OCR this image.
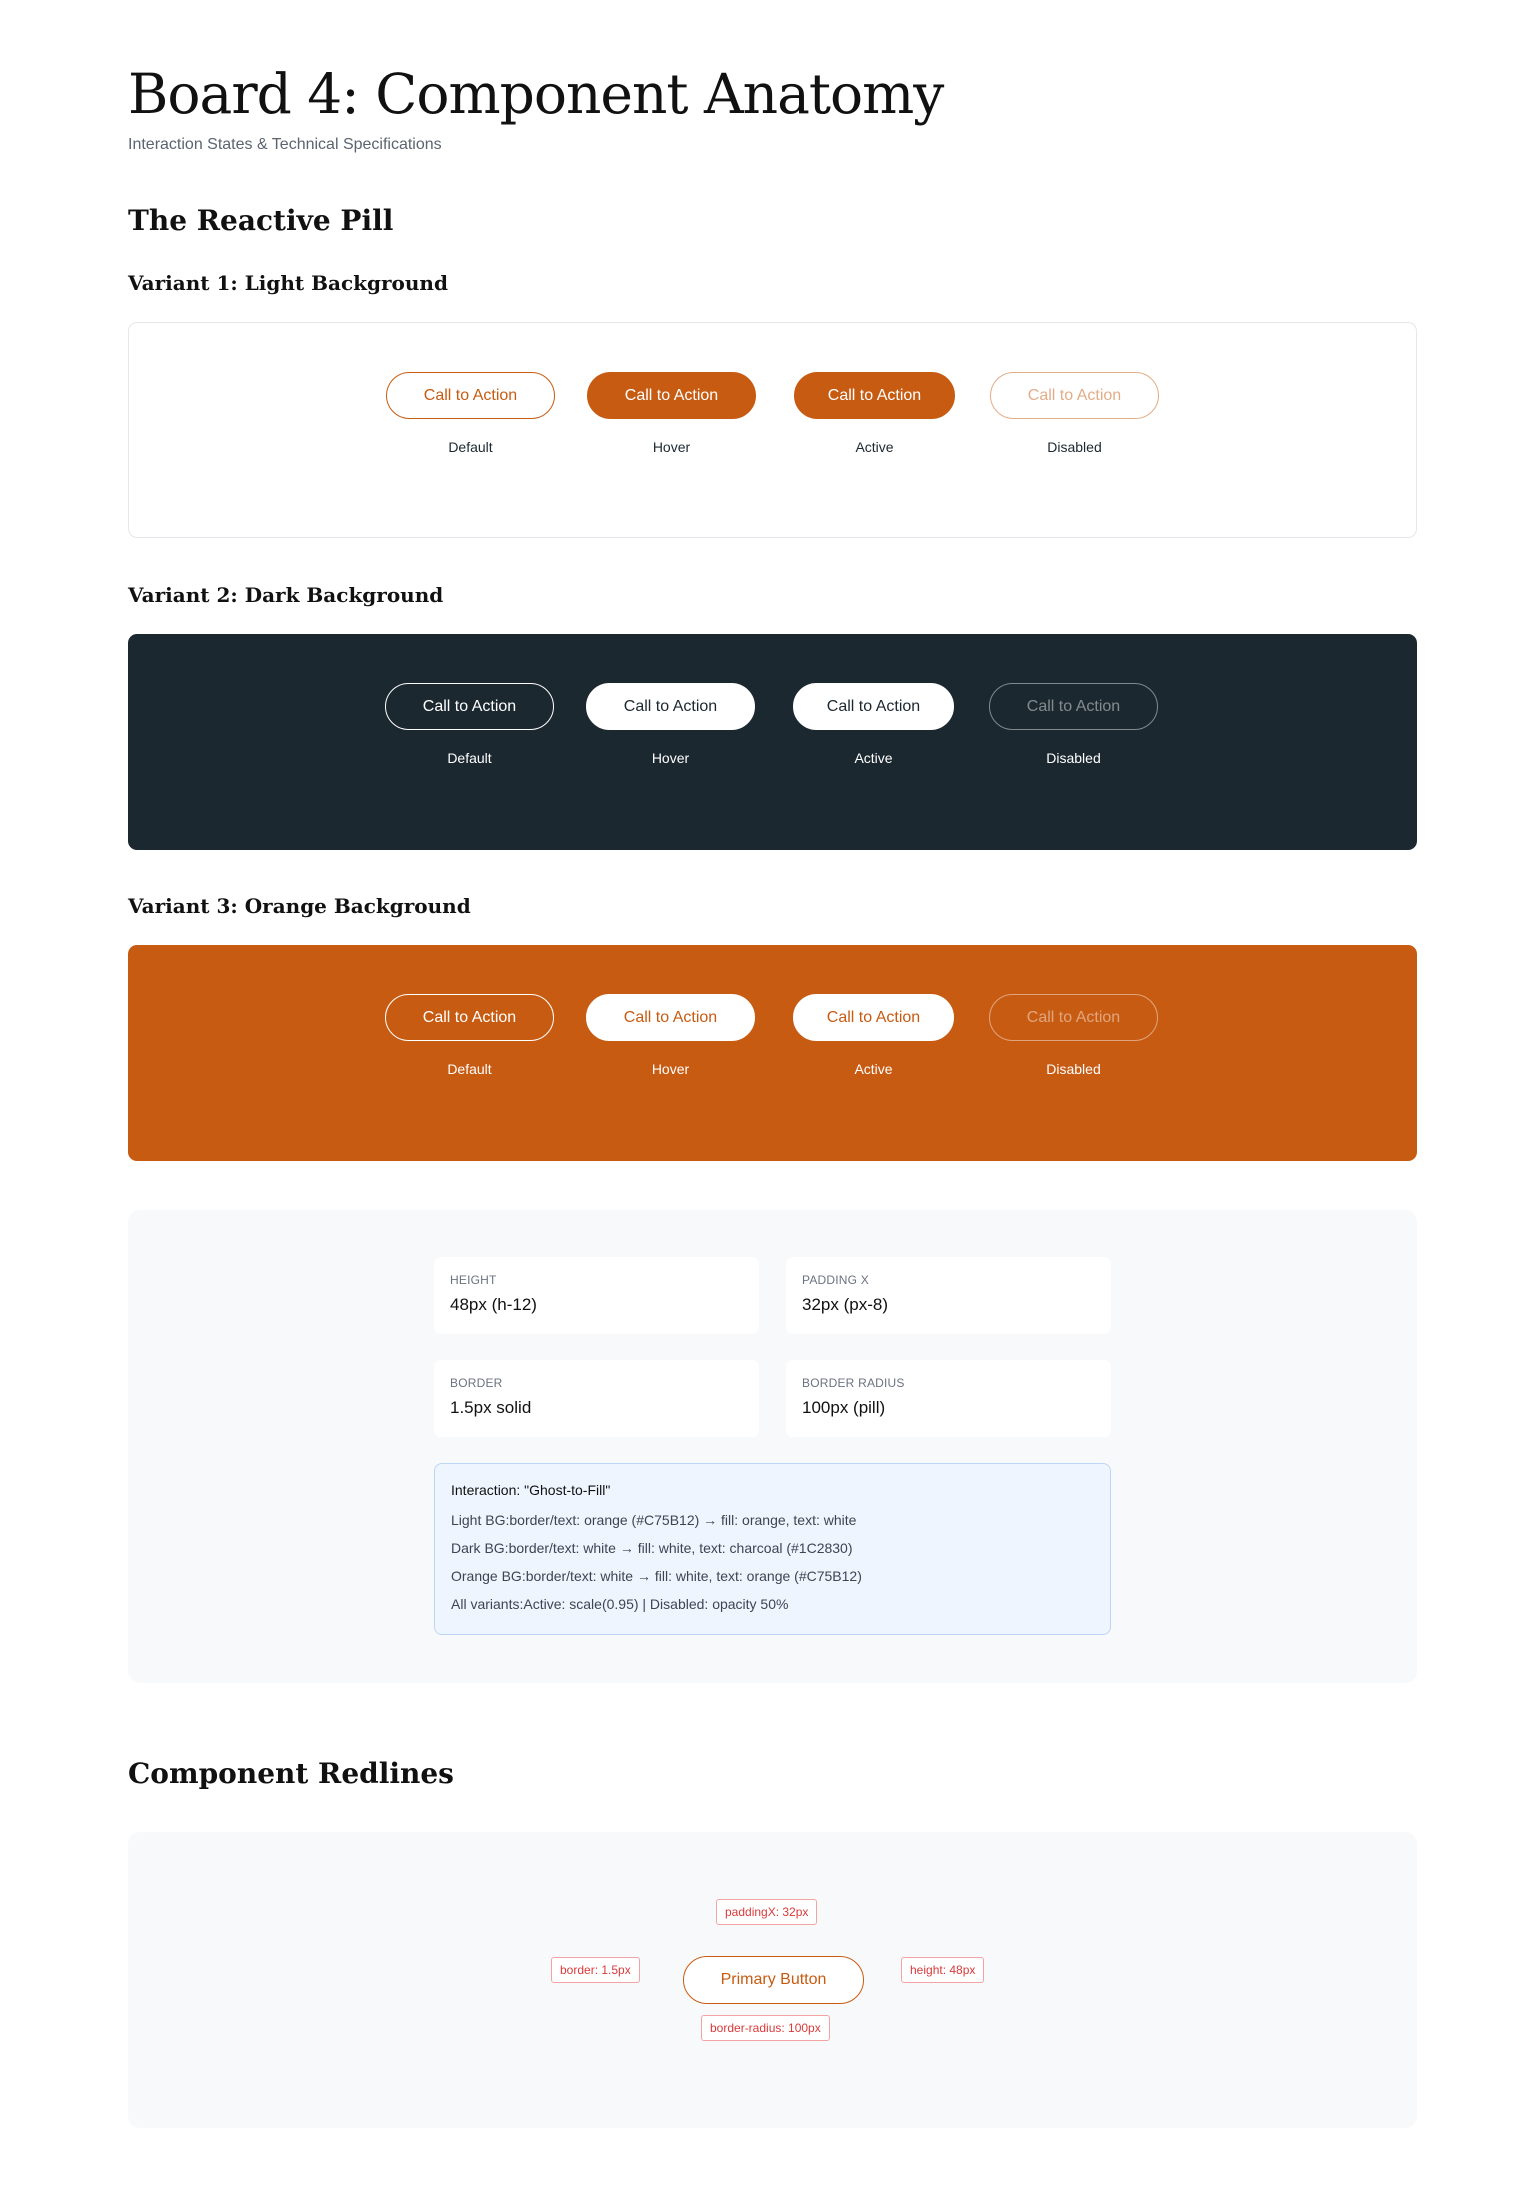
Board 4: Component Anatomy
Interaction States & Technical Specifications
The Reactive Pill
Variant 1: Light Background
Call to Action
Default
Call to Action
Hover
Call to Action
Active
Call to Action
Disabled
Variant 2: Dark Background
Call to Action
Default
Call to Action
Hover
Call to Action
Active
Call to Action
Disabled
Variant 3: Orange Background
Call to Action
Default
Call to Action
Hover
Call to Action
Active
Call to Action
Disabled
HEIGHT
48px (h-12)
PADDING X
32px (px-8)
BORDER
1.5px solid
BORDER RADIUS
100px (pill)
Interaction: "Ghost-to-Fill"
Light BG:border/text: orange (#C75B12) → fill: orange, text: white
Dark BG:border/text: white → fill: white, text: charcoal (#1C2830)
Orange BG:border/text: white → fill: white, text: orange (#C75B12)
All variants:Active: scale(0.95) | Disabled: opacity 50%
Component Redlines
paddingX: 32px
border: 1.5px
Primary Button
height: 48px
border-radius: 100px
